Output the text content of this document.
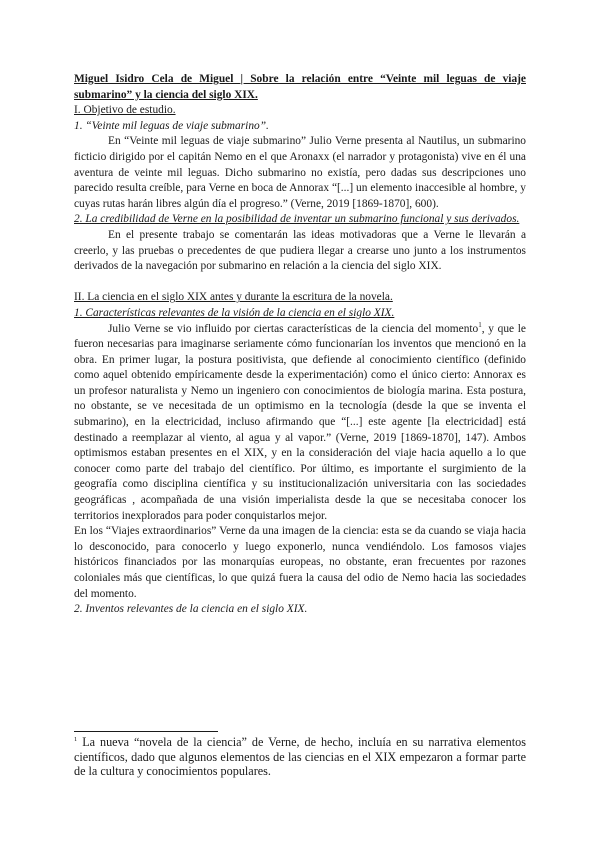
Miguel Isidro Cela de Miguel | Sobre la relación entre “Veinte mil leguas de viaje submarino” y la ciencia del siglo XIX.

I. Objetivo de estudio.

1. “Veinte mil leguas de viaje submarino”.

En “Veinte mil leguas de viaje submarino” Julio Verne presenta al Nautilus, un submarino ficticio dirigido por el capitán Nemo en el que Aronaxx (el narrador y protagonista) vive en él una aventura de veinte mil leguas. Dicho submarino no existía, pero dadas sus descripciones uno parecido resulta creíble, para Verne en boca de Annorax “[...] un elemento inaccesible al hombre, y cuyas rutas harán libres algún día el progreso.” (Verne, 2019 [1869-1870], 600).

2. La credibilidad de Verne en la posibilidad de inventar un submarino funcional y sus derivados.

En el presente trabajo se comentarán las ideas motivadoras que a Verne le llevarán a creerlo, y las pruebas o precedentes de que pudiera llegar a crearse uno junto a los instrumentos derivados de la navegación por submarino en relación a la ciencia del siglo XIX.

II. La ciencia en el siglo XIX antes y durante la escritura de la novela.

1. Características relevantes de la visión de la ciencia en el siglo XIX.

Julio Verne se vio influido por ciertas características de la ciencia del momento$^1$, y que le fueron necesarias para imaginarse seriamente cómo funcionarían los inventos que mencionó en la obra. En primer lugar, la postura positivista, que defiende al conocimiento científico (definido como aquel obtenido empíricamente desde la experimentación) como el único cierto: Annorax es un profesor naturalista y Nemo un ingeniero con conocimientos de biología marina. Esta postura, no obstante, se ve necesitada de un optimismo en la tecnología (desde la que se inventa el submarino), en la electricidad, incluso afirmando que “[...] este agente [la electricidad] está destinado a reemplazar al viento, al agua y al vapor.” (Verne, 2019 [1869-1870], 147). Ambos optimismos estaban presentes en el XIX, y en la consideración del viaje hacia aquello a lo que conocer como parte del trabajo del científico. Por último, es importante el surgimiento de la geografía como disciplina científica y su institucionalización universitaria con las sociedades geográficas , acompañada de una visión imperialista desde la que se necesitaba conocer los territorios inexplorados para poder conquistarlos mejor.

En los “Viajes extraordinarios” Verne da una imagen de la ciencia: esta se da cuando se viaja hacia lo desconocido, para conocerlo y luego exponerlo, nunca vendiéndolo. Los famosos viajes históricos financiados por las monarquías europeas, no obstante, eran frecuentes por razones coloniales más que científicas, lo que quizá fuera la causa del odio de Nemo hacia las sociedades del momento.

2. Inventos relevantes de la ciencia en el siglo XIX.

$^1$ La nueva “novela de la ciencia” de Verne, de hecho, incluía en su narrativa elementos científicos, dado que algunos elementos de las ciencias en el XIX empezaron a formar parte de la cultura y conocimientos populares.
